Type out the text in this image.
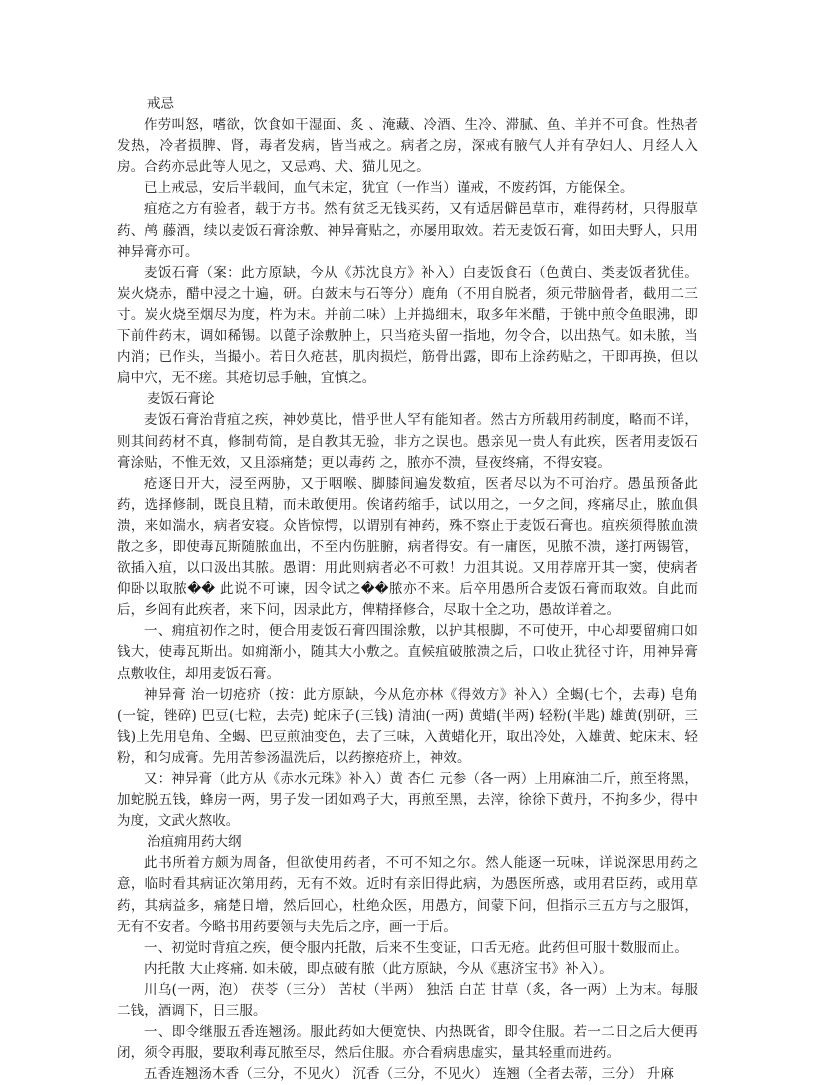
戒忌

作劳叫怒，嗜欲，饮食如干湿面、炙 、淹藏、冷酒、生冷、滞腻、鱼、羊并不可食。性热者发热，冷者损脾、肾，毒者发病，皆当戒之。病者之房，深戒有腋气人并有孕妇人、月经人入房。合药亦忌此等人见之，又忌鸡、犬、猫儿见之。

已上戒忌，安后半载间，血气未定，犹宜（一作当）谨戒，不废药饵，方能保全。

疽疮之方有验者，载于方书。然有贫乏无钱买药，又有适居僻邑草市，难得药材，只得服草药、鸬 藤酒，续以麦饭石膏涂敷、神异膏贴之，亦屡用取效。若无麦饭石膏，如田夫野人，只用神异膏亦可。

麦饭石膏（案：此方原缺，今从《苏沈良方》补入）白麦饭食石（色黄白、类麦饭者犹佳。炭火烧赤，醋中浸之十遍，研。白蔹末与石等分）鹿角（不用自脱者，须元带脑骨者，截用二三寸。炭火烧至烟尽为度，杵为末。并前二味）上并捣细末，取多年米醋，于铫中煎令鱼眼沸，即下前件药末，调如稀锡。以蓖子涂敷肿上，只当疮头留一指地，勿令合，以出热气。如未脓，当内消；已作头，当撮小。若日久疮甚，肌肉损烂，筋骨出露，即布上涂药贴之，干即再换，但以扃中穴，无不瘥。其疮切忌手触，宜慎之。

麦饭石膏论

麦饭石膏治背疽之疾，神妙莫比，惜乎世人罕有能知者。然古方所载用药制度，略而不详，则其间药材不真，修制苟简，是自教其无验，非方之误也。愚亲见一贵人有此疾，医者用麦饭石膏涂贴，不惟无效，又且添痛楚；更以毒药 之，脓亦不溃，昼夜终痛，不得安寝。

疮逐日开大，浸至两胁，又于咽喉、脚膝间遍发数疽，医者尽以为不可治疗。愚虽预备此药，选择修制，既良且精，而未敢便用。俟诸药缩手，试以用之，一夕之间，疼痛尽止，脓血俱溃，来如湍水，病者安寝。众皆惊愕，以谓别有神药，殊不察止于麦饭石膏也。疽疾须得脓血溃散之多，即使毒瓦斯随脓血出，不至内伤脏腑，病者得安。有一庸医，见脓不溃，遂打两锡管，欲插入疽，以口汲出其脓。愚谓：用此则病者必不可救！力沮其说。又用荐席开其一窦，使病者仰卧以取脓�� 此说不可谏，因令试之��脓亦不来。后卒用愚所合麦饭石膏而取效。自此而后，乡闾有此疾者，来下问，因录此方，俾精择修合，尽取十全之功，愚故详着之。

一、痈疽初作之时，便合用麦饭石膏四围涂敷，以护其根脚，不可使开，中心却要留痈口如钱大，使毒瓦斯出。如痈渐小，随其大小敷之。直候疽破脓溃之后，口收止犹径寸许，用神异膏点敷收住，却用麦饭石膏。

神异膏 治一切疮疥（按：此方原缺，今从危亦林《得效方》补入）全蝎(七个，去毒) 皂角(一锭，锉碎) 巴豆(七粒，去壳) 蛇床子(三钱) 清油(一两) 黄蜡(半两) 轻粉(半匙) 雄黄(别研，三钱)上先用皂角、全蝎、巴豆煎油变色，去了三味，入黄蜡化开，取出冷处，入雄黄、蛇床末、轻粉，和匀成膏。先用苦参汤温洗后，以药擦疮疥上，神效。

又：神异膏（此方从《赤水元珠》补入）黄 杏仁 元参（各一两）上用麻油二斤，煎至将黑，加蛇脱五钱，蜂房一两，男子发一团如鸡子大，再煎至黑，去滓，徐徐下黄丹，不拘多少，得中为度，文武火熬收。

治疽痈用药大纲

此书所着方颇为周备，但欲使用药者，不可不知之尔。然人能逐一玩味，详说深思用药之意，临时看其病证次第用药，无有不效。近时有亲旧得此病，为愚医所惑，或用君臣药，或用草药，其病益多，痛楚日增，然后回心，杜绝众医，用愚方，间蒙下问，但指示三五方与之服饵，无有不安者。今略书用药要领与夫先后之序，画一于后。

一、初觉时背疽之疾，便令服内托散，后来不生变证，口舌无疮。此药但可服十数服而止。

内托散 大止疼痛. 如未破，即点破有脓（此方原缺，今从《惠济宝书》补入）。

川乌(一两，泡） 茯苓（三分） 苦杖（半两） 独活 白芷 甘草（炙，各一两）上为末。每服二钱，酒调下，日三服。

一、即令继服五香连翘汤。服此药如大便宽快、内热既省，即令住服。若一二日之后大便再闭，须令再服，要取利毒瓦脓至尽，然后住服。亦合看病患虚实，量其轻重而进药。

五香连翘汤木香（三分，不见火） 沉香（三分，不见火） 连翘（全者去蒂，三分） 升麻
